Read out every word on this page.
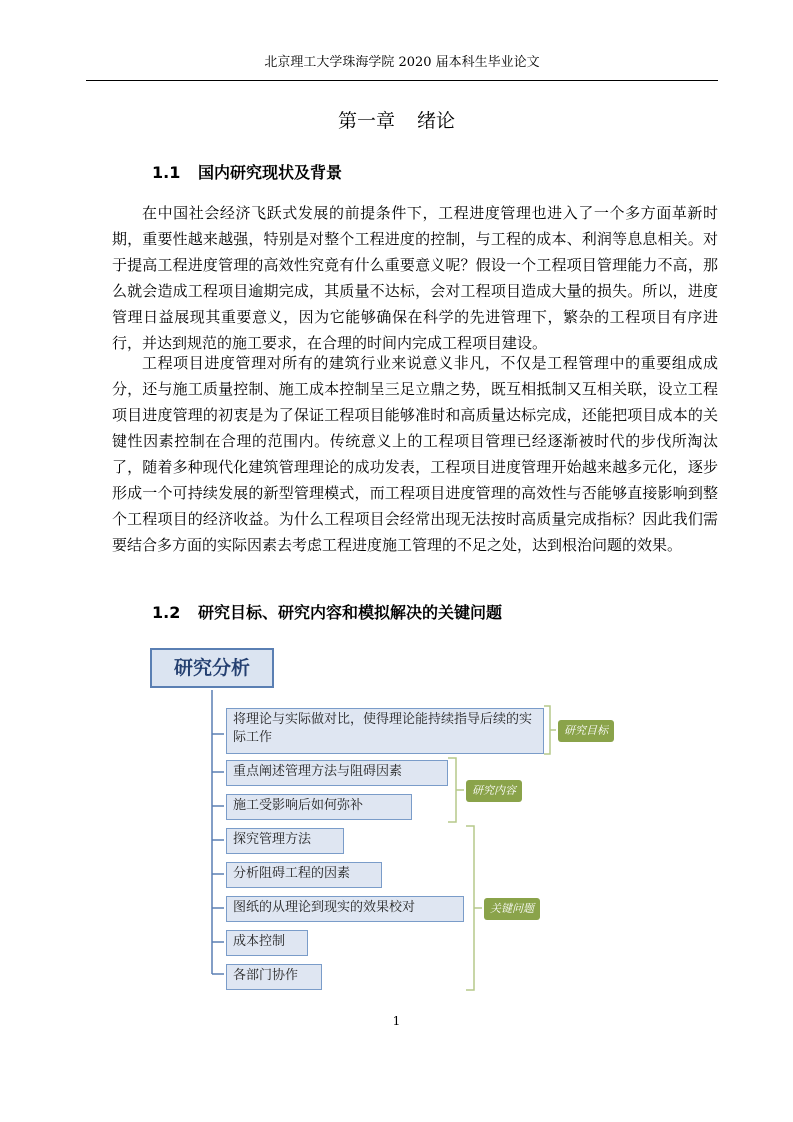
北京理工大学珠海学院 2020 届本科生毕业论文
第一章 绪论
1.1 国内研究现状及背景

在中国社会经济飞跃式发展的前提条件下，工程进度管理也进入了一个多方面革新时期，重要性越来越强，特别是对整个工程进度的控制，与工程的成本、利润等息息相关。对于提高工程进度管理的高效性究竟有什么重要意义呢？假设一个工程项目管理能力不高，那么就会造成工程项目逾期完成，其质量不达标，会对工程项目造成大量的损失。所以，进度管理日益展现其重要意义，因为它能够确保在科学的先进管理下，繁杂的工程项目有序进行，并达到规范的施工要求，在合理的时间内完成工程项目建设。

工程项目进度管理对所有的建筑行业来说意义非凡，不仅是工程管理中的重要组成成分，还与施工质量控制、施工成本控制呈三足立鼎之势，既互相抵制又互相关联，设立工程项目进度管理的初衷是为了保证工程项目能够准时和高质量达标完成，还能把项目成本的关键性因素控制在合理的范围内。传统意义上的工程项目管理已经逐渐被时代的步伐所淘汰了，随着多种现代化建筑管理理论的成功发表，工程项目进度管理开始越来越多元化，逐步形成一个可持续发展的新型管理模式，而工程项目进度管理的高效性与否能够直接影响到整个工程项目的经济收益。为什么工程项目会经常出现无法按时高质量完成指标？因此我们需要结合多方面的实际因素去考虑工程进度施工管理的不足之处，达到根治问题的效果。

1.2 研究目标、研究内容和模拟解决的关键问题
研究分析
将理论与实际做对比，使得理论能持续指导后续的实际工作
重点阐述管理方法与阻碍因素
施工受影响后如何弥补
探究管理方法
分析阻碍工程的因素
图纸的从理论到现实的效果校对
成本控制
各部门协作
研究目标
研究内容
关键问题
1
